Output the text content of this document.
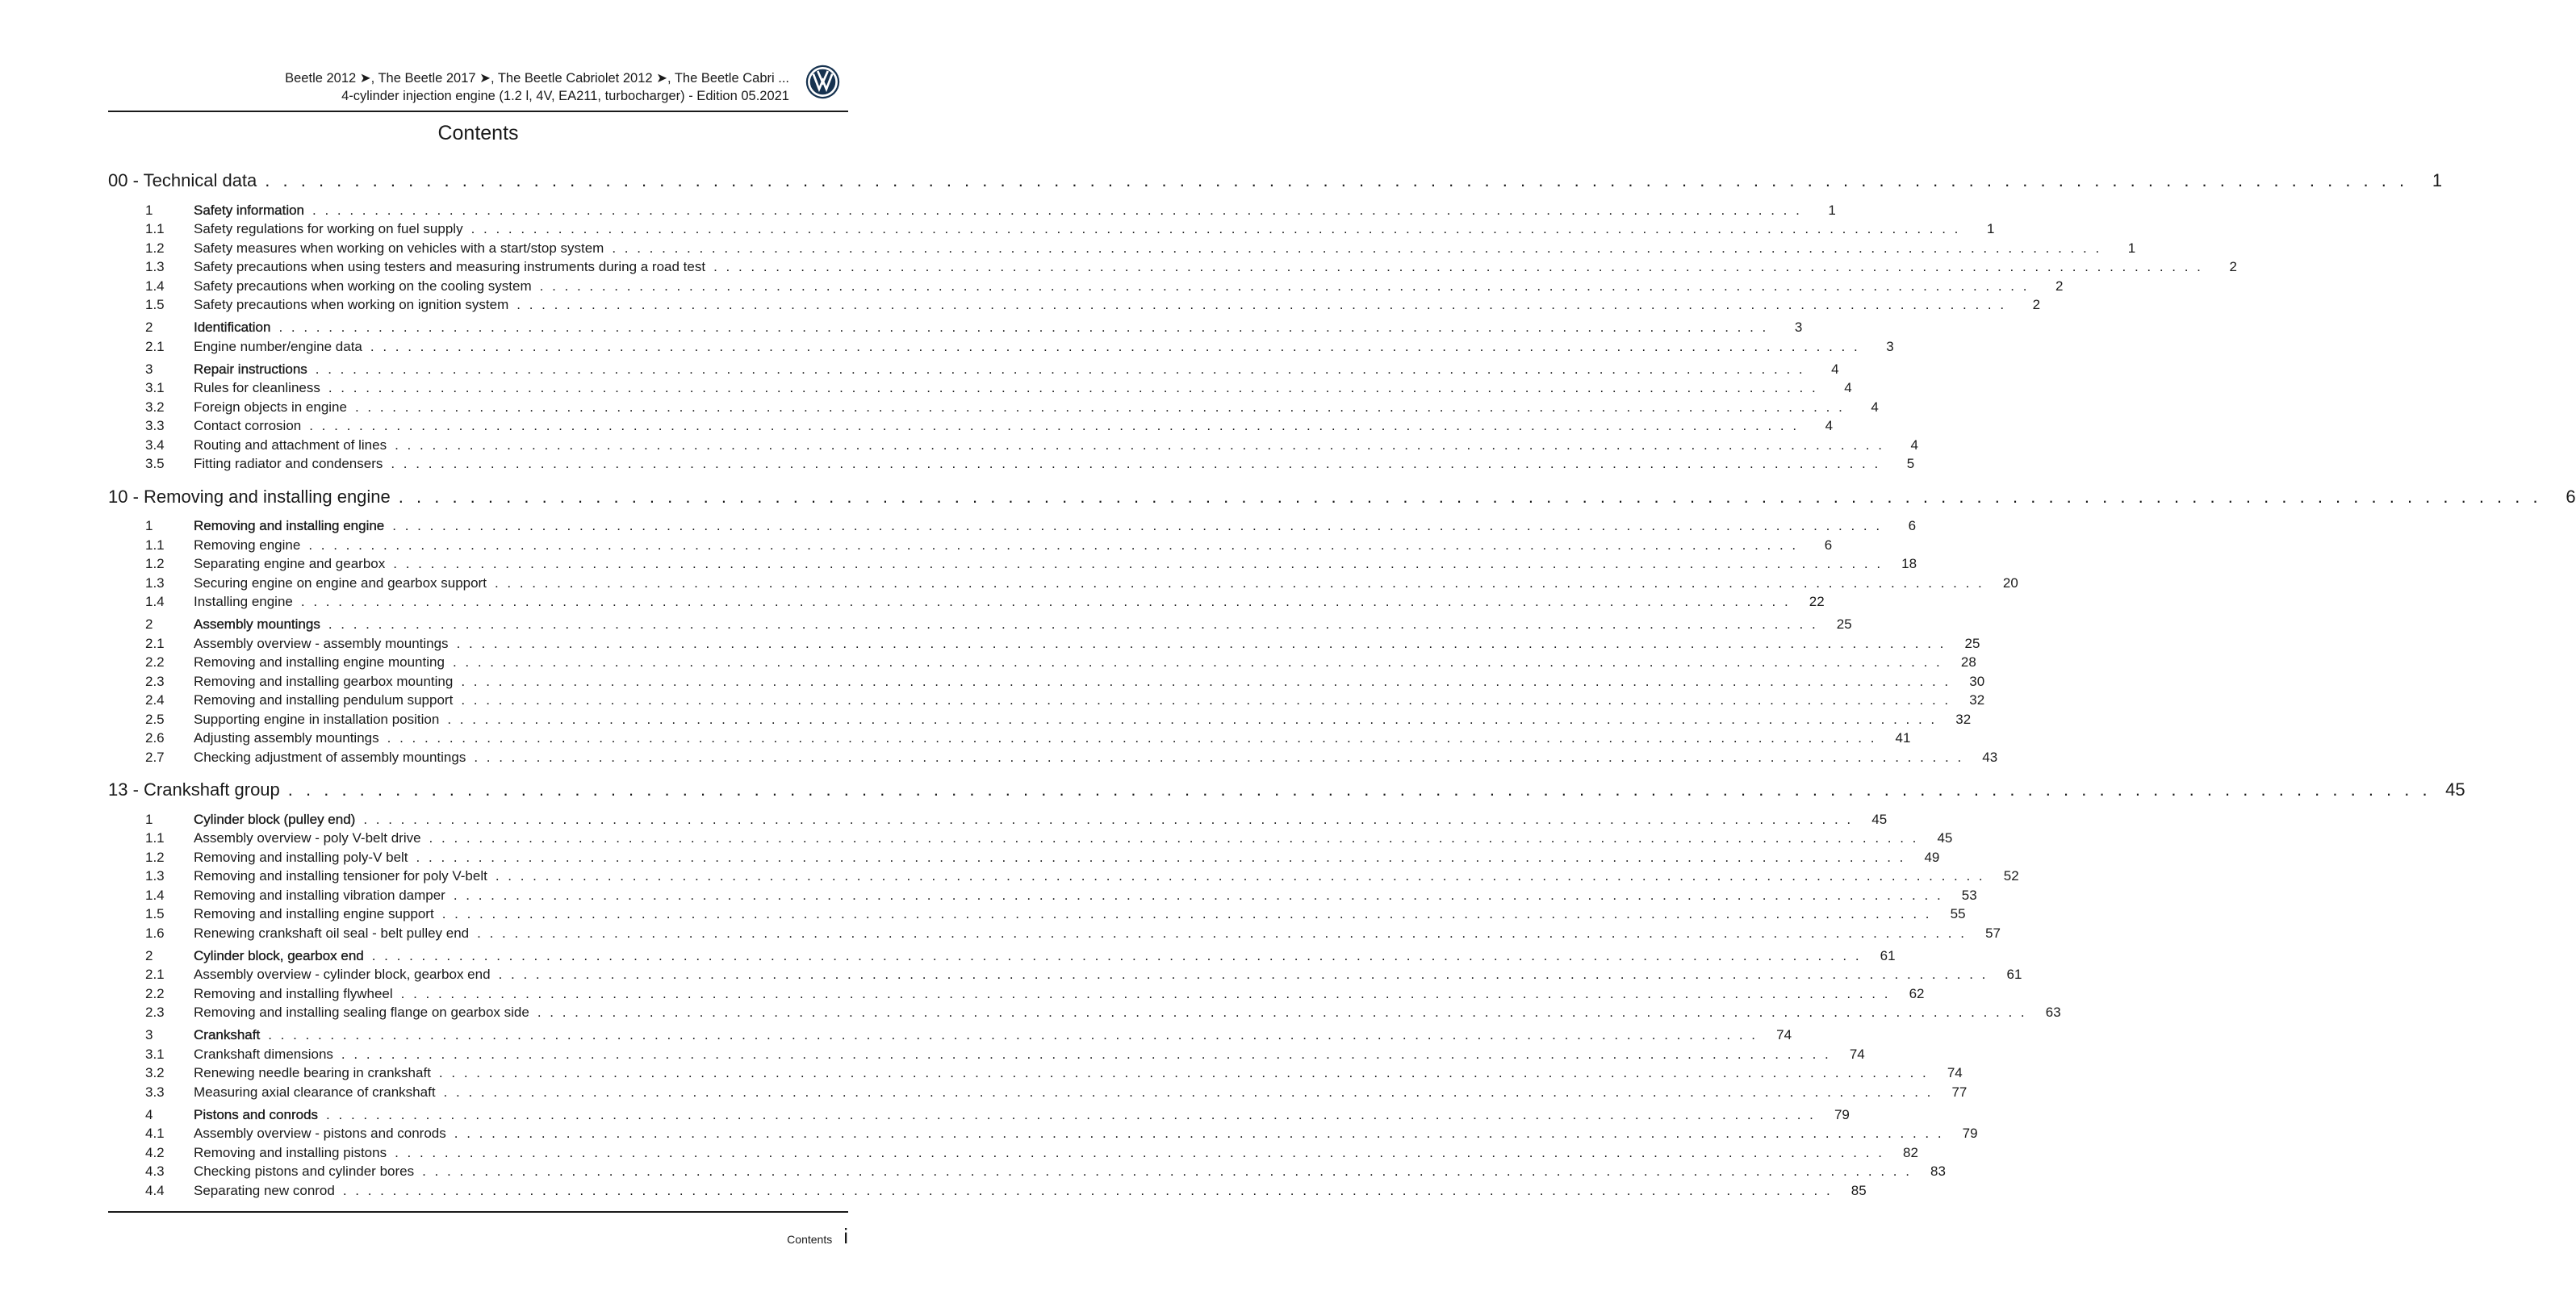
Beetle 2012 ➤, The Beetle 2017 ➤, The Beetle Cabriolet 2012 ➤, The Beetle Cabri ...
4-cylinder injection engine (1.2 l, 4V, EA211, turbocharger) - Edition 05.2021
Contents
00 - Technical data . . . . . . . . . . . . . . . . . . . . . . . . . . . . . . . . . . . . . . . . . . . . . . . . . . . . . . . . . . . . . . . . . . . . . . . . . . . . . . . . . . . . . . . . . . . . . . . . . . . . . . . . . . . . . . . . . . . . . . . .	1
1	Safety information . . . . . . . . . . . . . . . . . . . . . . . . . . . . . . . . . . . . . . . . . . . . . . . . . . . . . . . . . . . . . . . . . . . . . . . . . . . . . . . . . . . . . . . . . . . . . . . . . . . . . . . . . . . . . . . . . . . . . . . .	1
1.1	Safety regulations for working on fuel supply . . . . . . . . . . . . . . . . . . . . . . . . . . . . . . . . . . . . . . . . . . . . . . . . . . . . . . . . . . . . . . . . . . . . . . . . . . . . . . . . . . . . . . . . . . . . . . . . . . . . . . . . . . . . . . . . . . . . . . . .	1
1.2	Safety measures when working on vehicles with a start/stop system . . . . . . . . . . . . . . . . . . . . . . . . . . . . . . . . . . . . . . . . . . . . . . . . . . . . . . . . . . . . . . . . . . . . . . . . . . . . . . . . . . . . . . . . . . . . . . . . . . . . . . . . . . . . . . . . . . . . . . . .	1
1.3	Safety precautions when using testers and measuring instruments during a road test . . . . . . . . . . . . . . . . . . . . . . . . . . . . . . . . . . . . . . . . . . . . . . . . . . . . . . . . . . . . . . . . . . . . . . . . . . . . . . . . . . . . . . . . . . . . . . . . . . . . . . . . . . . . . . . . . . . . . . . .	2
1.4	Safety precautions when working on the cooling system . . . . . . . . . . . . . . . . . . . . . . . . . . . . . . . . . . . . . . . . . . . . . . . . . . . . . . . . . . . . . . . . . . . . . . . . . . . . . . . . . . . . . . . . . . . . . . . . . . . . . . . . . . . . . . . . . . . . . . . .	2
1.5	Safety precautions when working on ignition system . . . . . . . . . . . . . . . . . . . . . . . . . . . . . . . . . . . . . . . . . . . . . . . . . . . . . . . . . . . . . . . . . . . . . . . . . . . . . . . . . . . . . . . . . . . . . . . . . . . . . . . . . . . . . . . . . . . . . . . .	2
2	Identification . . . . . . . . . . . . . . . . . . . . . . . . . . . . . . . . . . . . . . . . . . . . . . . . . . . . . . . . . . . . . . . . . . . . . . . . . . . . . . . . . . . . . . . . . . . . . . . . . . . . . . . . . . . . . . . . . . . . . . . .	3
2.1	Engine number/engine data . . . . . . . . . . . . . . . . . . . . . . . . . . . . . . . . . . . . . . . . . . . . . . . . . . . . . . . . . . . . . . . . . . . . . . . . . . . . . . . . . . . . . . . . . . . . . . . . . . . . . . . . . . . . . . . . . . . . . . . .	3
3	Repair instructions . . . . . . . . . . . . . . . . . . . . . . . . . . . . . . . . . . . . . . . . . . . . . . . . . . . . . . . . . . . . . . . . . . . . . . . . . . . . . . . . . . . . . . . . . . . . . . . . . . . . . . . . . . . . . . . . . . . . . . . .	4
3.1	Rules for cleanliness . . . . . . . . . . . . . . . . . . . . . . . . . . . . . . . . . . . . . . . . . . . . . . . . . . . . . . . . . . . . . . . . . . . . . . . . . . . . . . . . . . . . . . . . . . . . . . . . . . . . . . . . . . . . . . . . . . . . . . . .	4
3.2	Foreign objects in engine . . . . . . . . . . . . . . . . . . . . . . . . . . . . . . . . . . . . . . . . . . . . . . . . . . . . . . . . . . . . . . . . . . . . . . . . . . . . . . . . . . . . . . . . . . . . . . . . . . . . . . . . . . . . . . . . . . . . . . . .	4
3.3	Contact corrosion . . . . . . . . . . . . . . . . . . . . . . . . . . . . . . . . . . . . . . . . . . . . . . . . . . . . . . . . . . . . . . . . . . . . . . . . . . . . . . . . . . . . . . . . . . . . . . . . . . . . . . . . . . . . . . . . . . . . . . . .	4
3.4	Routing and attachment of lines . . . . . . . . . . . . . . . . . . . . . . . . . . . . . . . . . . . . . . . . . . . . . . . . . . . . . . . . . . . . . . . . . . . . . . . . . . . . . . . . . . . . . . . . . . . . . . . . . . . . . . . . . . . . . . . . . . . . . . . .	4
3.5	Fitting radiator and condensers . . . . . . . . . . . . . . . . . . . . . . . . . . . . . . . . . . . . . . . . . . . . . . . . . . . . . . . . . . . . . . . . . . . . . . . . . . . . . . . . . . . . . . . . . . . . . . . . . . . . . . . . . . . . . . . . . . . . . . . .	5
10 - Removing and installing engine . . . . . . . . . . . . . . . . . . . . . . . . . . . . . . . . . . . . . . . . . . . . . . . . . . . . . . . . . . . . . . . . . . . . . . . . . . . . . . . . . . . . . . . . . . . . . . . . . . . . . . . . . . . . . . . . . . . . . . . .	6
1	Removing and installing engine . . . . . . . . . . . . . . . . . . . . . . . . . . . . . . . . . . . . . . . . . . . . . . . . . . . . . . . . . . . . . . . . . . . . . . . . . . . . . . . . . . . . . . . . . . . . . . . . . . . . . . . . . . . . . . . . . . . . . . . .	6
1.1	Removing engine . . . . . . . . . . . . . . . . . . . . . . . . . . . . . . . . . . . . . . . . . . . . . . . . . . . . . . . . . . . . . . . . . . . . . . . . . . . . . . . . . . . . . . . . . . . . . . . . . . . . . . . . . . . . . . . . . . . . . . . .	6
1.2	Separating engine and gearbox . . . . . . . . . . . . . . . . . . . . . . . . . . . . . . . . . . . . . . . . . . . . . . . . . . . . . . . . . . . . . . . . . . . . . . . . . . . . . . . . . . . . . . . . . . . . . . . . . . . . . . . . . . . . . . . . . . . . . . . .	18
1.3	Securing engine on engine and gearbox support . . . . . . . . . . . . . . . . . . . . . . . . . . . . . . . . . . . . . . . . . . . . . . . . . . . . . . . . . . . . . . . . . . . . . . . . . . . . . . . . . . . . . . . . . . . . . . . . . . . . . . . . . . . . . . . . . . . . . . . .	20
1.4	Installing engine . . . . . . . . . . . . . . . . . . . . . . . . . . . . . . . . . . . . . . . . . . . . . . . . . . . . . . . . . . . . . . . . . . . . . . . . . . . . . . . . . . . . . . . . . . . . . . . . . . . . . . . . . . . . . . . . . . . . . . . .	22
2	Assembly mountings . . . . . . . . . . . . . . . . . . . . . . . . . . . . . . . . . . . . . . . . . . . . . . . . . . . . . . . . . . . . . . . . . . . . . . . . . . . . . . . . . . . . . . . . . . . . . . . . . . . . . . . . . . . . . . . . . . . . . . . .	25
2.1	Assembly overview - assembly mountings . . . . . . . . . . . . . . . . . . . . . . . . . . . . . . . . . . . . . . . . . . . . . . . . . . . . . . . . . . . . . . . . . . . . . . . . . . . . . . . . . . . . . . . . . . . . . . . . . . . . . . . . . . . . . . . . . . . . . . . .	25
2.2	Removing and installing engine mounting . . . . . . . . . . . . . . . . . . . . . . . . . . . . . . . . . . . . . . . . . . . . . . . . . . . . . . . . . . . . . . . . . . . . . . . . . . . . . . . . . . . . . . . . . . . . . . . . . . . . . . . . . . . . . . . . . . . . . . . .	28
2.3	Removing and installing gearbox mounting . . . . . . . . . . . . . . . . . . . . . . . . . . . . . . . . . . . . . . . . . . . . . . . . . . . . . . . . . . . . . . . . . . . . . . . . . . . . . . . . . . . . . . . . . . . . . . . . . . . . . . . . . . . . . . . . . . . . . . . .	30
2.4	Removing and installing pendulum support . . . . . . . . . . . . . . . . . . . . . . . . . . . . . . . . . . . . . . . . . . . . . . . . . . . . . . . . . . . . . . . . . . . . . . . . . . . . . . . . . . . . . . . . . . . . . . . . . . . . . . . . . . . . . . . . . . . . . . . .	32
2.5	Supporting engine in installation position . . . . . . . . . . . . . . . . . . . . . . . . . . . . . . . . . . . . . . . . . . . . . . . . . . . . . . . . . . . . . . . . . . . . . . . . . . . . . . . . . . . . . . . . . . . . . . . . . . . . . . . . . . . . . . . . . . . . . . . .	32
2.6	Adjusting assembly mountings . . . . . . . . . . . . . . . . . . . . . . . . . . . . . . . . . . . . . . . . . . . . . . . . . . . . . . . . . . . . . . . . . . . . . . . . . . . . . . . . . . . . . . . . . . . . . . . . . . . . . . . . . . . . . . . . . . . . . . . .	41
2.7	Checking adjustment of assembly mountings . . . . . . . . . . . . . . . . . . . . . . . . . . . . . . . . . . . . . . . . . . . . . . . . . . . . . . . . . . . . . . . . . . . . . . . . . . . . . . . . . . . . . . . . . . . . . . . . . . . . . . . . . . . . . . . . . . . . . . . .	43
13 - Crankshaft group . . . . . . . . . . . . . . . . . . . . . . . . . . . . . . . . . . . . . . . . . . . . . . . . . . . . . . . . . . . . . . . . . . . . . . . . . . . . . . . . . . . . . . . . . . . . . . . . . . . . . . . . . . . . . . . . . . . . . . . . 45
1	Cylinder block (pulley end) . . . . . . . . . . . . . . . . . . . . . . . . . . . . . . . . . . . . . . . . . . . . . . . . . . . . . . . . . . . . . . . . . . . . . . . . . . . . . . . . . . . . . . . . . . . . . . . . . . . . . . . . . . . . . . . . . . . . . . . .	45
1.1	Assembly overview - poly V-belt drive . . . . . . . . . . . . . . . . . . . . . . . . . . . . . . . . . . . . . . . . . . . . . . . . . . . . . . . . . . . . . . . . . . . . . . . . . . . . . . . . . . . . . . . . . . . . . . . . . . . . . . . . . . . . . . . . . . . . . . . .	45
1.2	Removing and installing poly-V belt . . . . . . . . . . . . . . . . . . . . . . . . . . . . . . . . . . . . . . . . . . . . . . . . . . . . . . . . . . . . . . . . . . . . . . . . . . . . . . . . . . . . . . . . . . . . . . . . . . . . . . . . . . . . . . . . . . . . . . . .	49
1.3	Removing and installing tensioner for poly V-belt . . . . . . . . . . . . . . . . . . . . . . . . . . . . . . . . . . . . . . . . . . . . . . . . . . . . . . . . . . . . . . . . . . . . . . . . . . . . . . . . . . . . . . . . . . . . . . . . . . . . . . . . . . . . . . . . . . . . . . . .	52
1.4	Removing and installing vibration damper . . . . . . . . . . . . . . . . . . . . . . . . . . . . . . . . . . . . . . . . . . . . . . . . . . . . . . . . . . . . . . . . . . . . . . . . . . . . . . . . . . . . . . . . . . . . . . . . . . . . . . . . . . . . . . . . . . . . . . . .	53
1.5	Removing and installing engine support . . . . . . . . . . . . . . . . . . . . . . . . . . . . . . . . . . . . . . . . . . . . . . . . . . . . . . . . . . . . . . . . . . . . . . . . . . . . . . . . . . . . . . . . . . . . . . . . . . . . . . . . . . . . . . . . . . . . . . . .	55
1.6	Renewing crankshaft oil seal - belt pulley end . . . . . . . . . . . . . . . . . . . . . . . . . . . . . . . . . . . . . . . . . . . . . . . . . . . . . . . . . . . . . . . . . . . . . . . . . . . . . . . . . . . . . . . . . . . . . . . . . . . . . . . . . . . . . . . . . . . . . . . .	57
2	Cylinder block, gearbox end . . . . . . . . . . . . . . . . . . . . . . . . . . . . . . . . . . . . . . . . . . . . . . . . . . . . . . . . . . . . . . . . . . . . . . . . . . . . . . . . . . . . . . . . . . . . . . . . . . . . . . . . . . . . . . . . . . . . . . . .	61
2.1	Assembly overview - cylinder block, gearbox end . . . . . . . . . . . . . . . . . . . . . . . . . . . . . . . . . . . . . . . . . . . . . . . . . . . . . . . . . . . . . . . . . . . . . . . . . . . . . . . . . . . . . . . . . . . . . . . . . . . . . . . . . . . . . . . . . . . . . . . .	61
2.2	Removing and installing flywheel . . . . . . . . . . . . . . . . . . . . . . . . . . . . . . . . . . . . . . . . . . . . . . . . . . . . . . . . . . . . . . . . . . . . . . . . . . . . . . . . . . . . . . . . . . . . . . . . . . . . . . . . . . . . . . . . . . . . . . . .	62
2.3	Removing and installing sealing flange on gearbox side . . . . . . . . . . . . . . . . . . . . . . . . . . . . . . . . . . . . . . . . . . . . . . . . . . . . . . . . . . . . . . . . . . . . . . . . . . . . . . . . . . . . . . . . . . . . . . . . . . . . . . . . . . . . . . . . . . . . . . . .	63
3	Crankshaft . . . . . . . . . . . . . . . . . . . . . . . . . . . . . . . . . . . . . . . . . . . . . . . . . . . . . . . . . . . . . . . . . . . . . . . . . . . . . . . . . . . . . . . . . . . . . . . . . . . . . . . . . . . . . . . . . . . . . . . .	74
3.1	Crankshaft dimensions . . . . . . . . . . . . . . . . . . . . . . . . . . . . . . . . . . . . . . . . . . . . . . . . . . . . . . . . . . . . . . . . . . . . . . . . . . . . . . . . . . . . . . . . . . . . . . . . . . . . . . . . . . . . . . . . . . . . . . . .	74
3.2	Renewing needle bearing in crankshaft . . . . . . . . . . . . . . . . . . . . . . . . . . . . . . . . . . . . . . . . . . . . . . . . . . . . . . . . . . . . . . . . . . . . . . . . . . . . . . . . . . . . . . . . . . . . . . . . . . . . . . . . . . . . . . . . . . . . . . . .	74
3.3	Measuring axial clearance of crankshaft . . . . . . . . . . . . . . . . . . . . . . . . . . . . . . . . . . . . . . . . . . . . . . . . . . . . . . . . . . . . . . . . . . . . . . . . . . . . . . . . . . . . . . . . . . . . . . . . . . . . . . . . . . . . . . . . . . . . . . . .	77
4	Pistons and conrods . . . . . . . . . . . . . . . . . . . . . . . . . . . . . . . . . . . . . . . . . . . . . . . . . . . . . . . . . . . . . . . . . . . . . . . . . . . . . . . . . . . . . . . . . . . . . . . . . . . . . . . . . . . . . . . . . . . . . . . .	79
4.1	Assembly overview - pistons and conrods . . . . . . . . . . . . . . . . . . . . . . . . . . . . . . . . . . . . . . . . . . . . . . . . . . . . . . . . . . . . . . . . . . . . . . . . . . . . . . . . . . . . . . . . . . . . . . . . . . . . . . . . . . . . . . . . . . . . . . . .	79
4.2	Removing and installing pistons . . . . . . . . . . . . . . . . . . . . . . . . . . . . . . . . . . . . . . . . . . . . . . . . . . . . . . . . . . . . . . . . . . . . . . . . . . . . . . . . . . . . . . . . . . . . . . . . . . . . . . . . . . . . . . . . . . . . . . . .	82
4.3	Checking pistons and cylinder bores . . . . . . . . . . . . . . . . . . . . . . . . . . . . . . . . . . . . . . . . . . . . . . . . . . . . . . . . . . . . . . . . . . . . . . . . . . . . . . . . . . . . . . . . . . . . . . . . . . . . . . . . . . . . . . . . . . . . . . . .	83
4.4	Separating new conrod . . . . . . . . . . . . . . . . . . . . . . . . . . . . . . . . . . . . . . . . . . . . . . . . . . . . . . . . . . . . . . . . . . . . . . . . . . . . . . . . . . . . . . . . . . . . . . . . . . . . . . . . . . . . . . . . . . . . . . . .	85
Contents i
